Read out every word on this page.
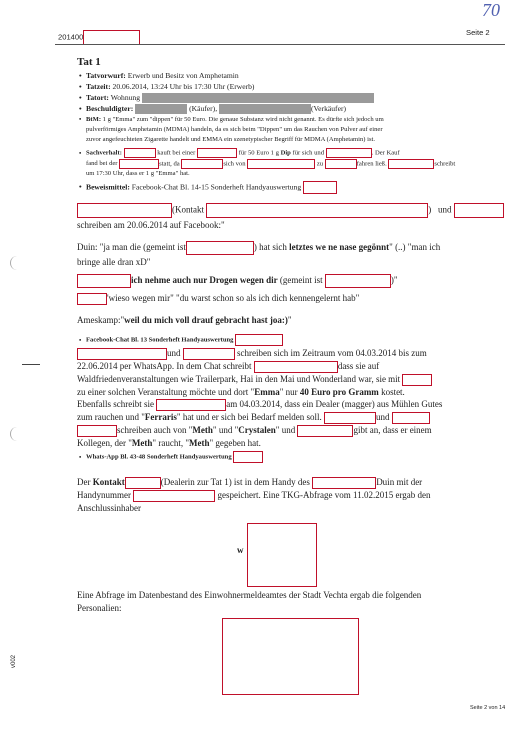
201400	Seite 2
70
Tat 1
• Tatvorwurf: Erwerb und Besitz von Amphetamin
• Tatzeit: 20.06.2014, 13:24 Uhr bis 17:30 Uhr (Erwerb)
• Tatort: Wohnung
• Beschuldigter:	(Käufer),	(Verkäufer)
• BtM: 1 g "Emma" zum "dippen" für 50 Euro. Die genaue Substanz wird nicht genannt. Es dürfte sich jedoch um
pulverförmiges Amphetamin (MDMA) handeln, da es sich beim "Dippen" um das Rauchen von Pulver auf einer
zuvor angefeuchteten Zigarette handelt und EMMA ein szenetypischer Begriff für MDMA (Amphetamin) ist.
• Sachverhalt:	kauft bei einer	für 50 Euro 1 g Dip für sich und	. Der Kauf
fand bei der	statt, da	sich von	zu	fahren ließ.	schreibt
um 17:30 Uhr, dass er 1 g "Emma" hat.
• Beweismittel: Facebook-Chat Bl. 14-15 Sonderheft Handyauswertung
(Kontakt	) und
schreiben am 20.06.2014 auf Facebook:"
Duin: "ja man die (gemeint ist	) hat sich letztes we ne nase gegönnt" (..) "man ich
bringe alle dran xD"
ich nehme auch nur Drogen wegen dir (gemeint ist	)"
'wieso wegen mir" "du warst schon so als ich dich kennengelernt hab"
Ameskamp:"weil du mich voll drauf gebracht hast joa:)"
• Facebook-Chat Bl. 13 Sonderheft Handyauswertung
und	schreiben sich im Zeitraum vom 04.03.2014 bis zum
22.06.2014 per WhatsApp. In dem Chat schreibt	dass sie auf
Waldfriedenveranstaltungen wie Trailerpark, Hai in den Mai und Wonderland war, sie mit
zu einer solchen Veranstaltung möchte und dort "Emma" nur 40 Euro pro Gramm kostet.
Ebenfalls schreibt sie	am 04.03.2014, dass ein Dealer (magger) aus Mühlen Gutes
zum rauchen und "Ferraris" hat und er sich bei Bedarf melden soll.	und
schreiben auch von "Meth" und "Crystalen" und	gibt an, dass er einem
Kollegen, der "Meth" raucht, "Meth" gegeben hat.
• Whats-App Bl. 43-48 Sonderheft Handyauswertung
Der Kontakt	(Dealerin zur Tat 1) ist in dem Handy des	Duin mit der
Handynummer	gespeichert. Eine TKG-Abfrage vom 11.02.2015 ergab den
Anschlussinhaber
w
Eine Abfrage im Datenbestand des Einwohnermeldeamtes der Stadt Vechta ergab die folgenden
Personalien:
v002
Seite 2 von 14
